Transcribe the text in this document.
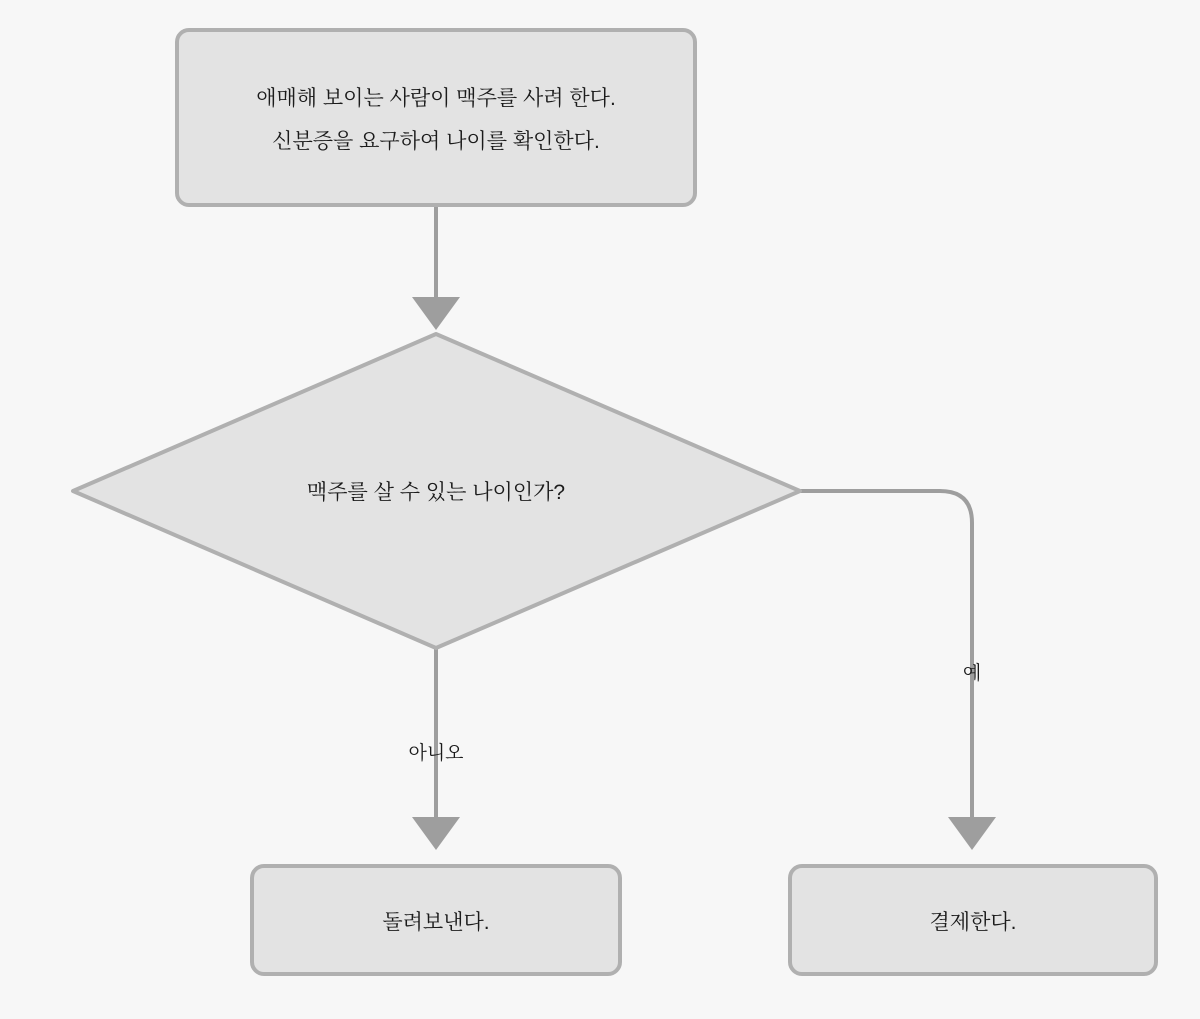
아니오
예
애매해 보이는 사람이 맥주를 사려 한다.
신분증을 요구하여 나이를 확인한다.
맥주를 살 수 있는 나이인가?
돌려보낸다.	결제한다.
